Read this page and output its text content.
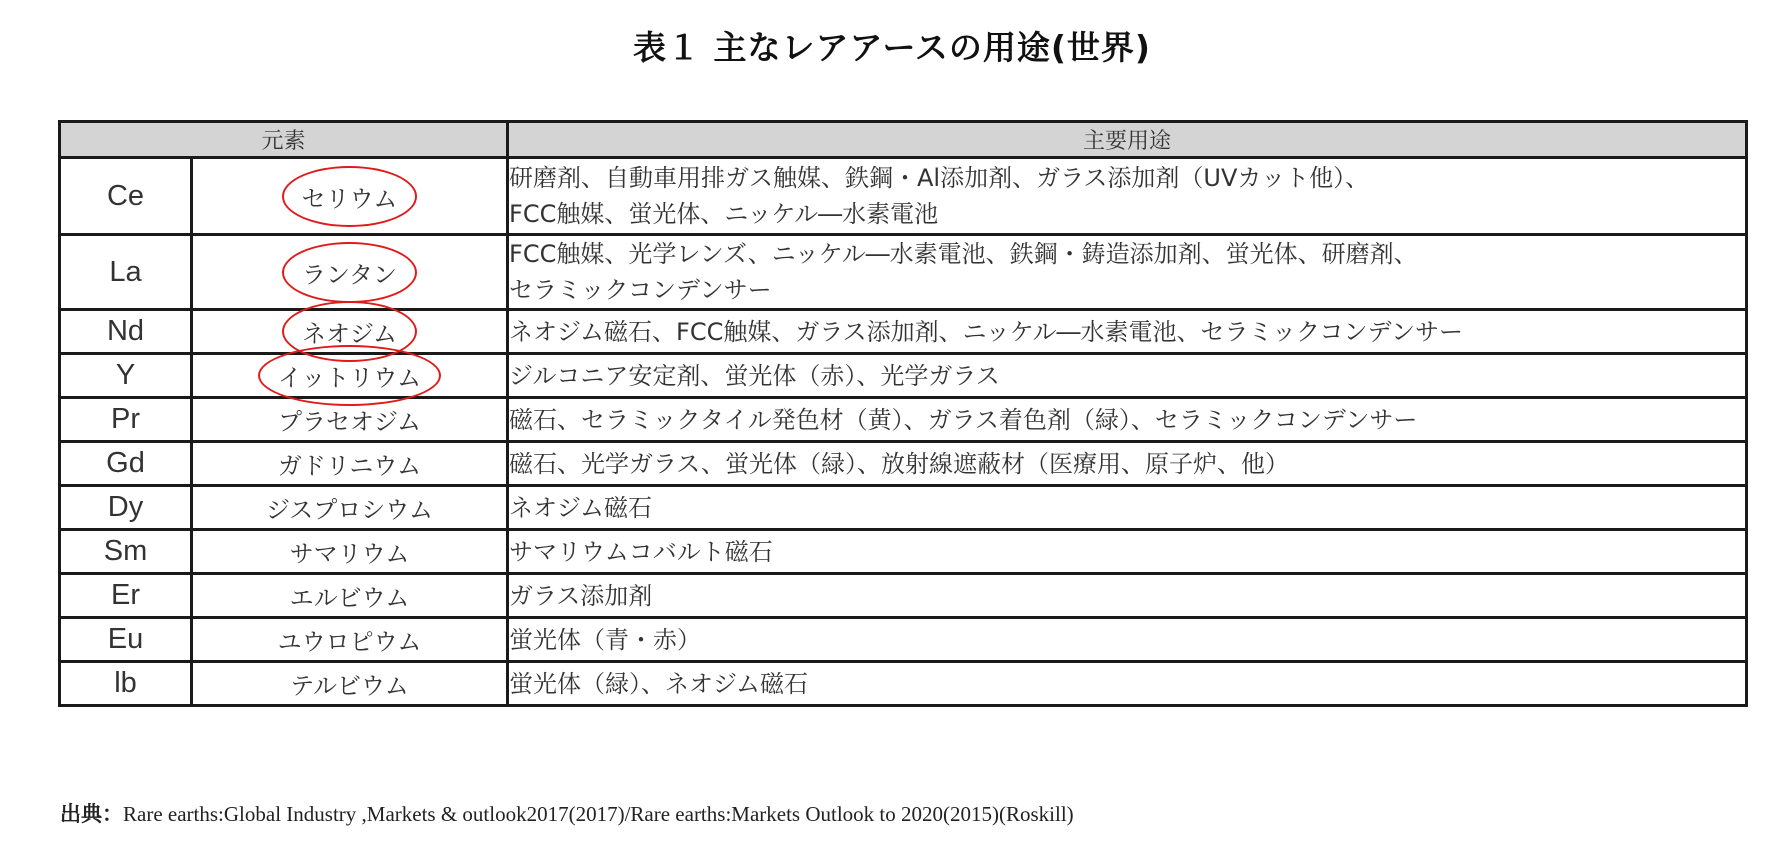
表１ 主なレアアースの用途(世界)
元素		主要用途
Ce	セリウム	研磨剤、自動車用排ガス触媒、鉄鋼・Al添加剤、ガラス添加剤（UVカット他）、
FCC触媒、蛍光体、ニッケル―水素電池

La	ランタン	FCC触媒、光学レンズ、ニッケル―水素電池、鉄鋼・鋳造添加剤、蛍光体、研磨剤、
セラミックコンデンサー

Nd	ネオジム	ネオジム磁石、FCC触媒、ガラス添加剤、ニッケル―水素電池、セラミックコンデンサー

Y	イットリウム	ジルコニア安定剤、蛍光体（赤）、光学ガラス

Pr	プラセオジム	磁石、セラミックタイル発色材（黄）、ガラス着色剤（緑）、セラミックコンデンサー

Gd	ガドリニウム	磁石、光学ガラス、蛍光体（緑）、放射線遮蔽材（医療用、原子炉、他）

Dy	ジスプロシウム	ネオジム磁石

Sm	サマリウム	サマリウムコバルト磁石

Er	エルビウム	ガラス添加剤

Eu	ユウロピウム	蛍光体（青・赤）

lb	テルビウム	蛍光体（緑）、ネオジム磁石
出典：Rare earths:Global Industry ,Markets & outlook2017(2017)/Rare earths:Markets Outlook to 2020(2015)(Roskill)
